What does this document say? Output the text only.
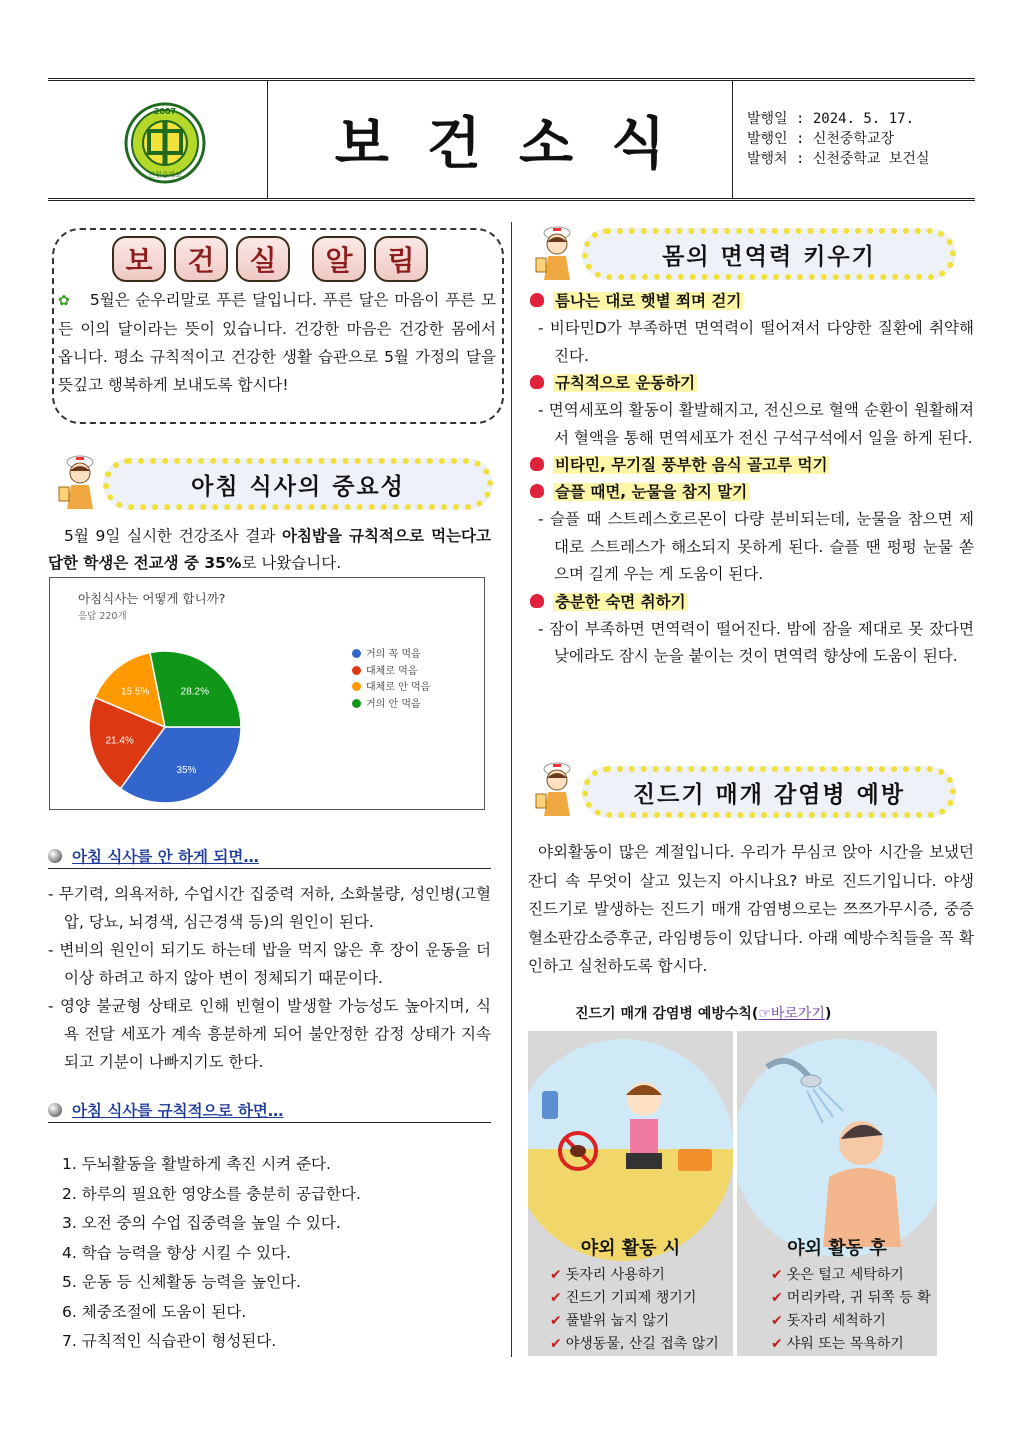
2007
신천중학교	보건소식	발행일 : 2024. 5. 17.
발행인 : 신천중학교장
발행처 : 신천중학교 보건실
보	건	실	알	림
✿ 5월은 순우리말로 푸른 달입니다. 푸른 달은 마음이 푸른 모든 이의 달이라는 뜻이 있습니다. 건강한 마음은 건강한 몸에서 옵니다. 평소 규칙적이고 건강한 생활 습관으로 5월 가정의 달을 뜻깊고 행복하게 보내도록 합시다!
아침 식사의 중요성
5월 9일 실시한 건강조사 결과 아침밥을 규칙적으로 먹는다고 답한 학생은 전교생 중 35%로 나왔습니다.
아침식사는 어떻게 합니까?
응답 220개
35%
21.4%
15.5%	28.2%
거의 꼭 먹음
대체로 먹음
대체로 안 먹음
거의 안 먹음
아침 식사를 안 하게 되면…
- 무기력, 의욕저하, 수업시간 집중력 저하, 소화불량, 성인병(고혈압, 당뇨, 뇌경색, 심근경색 등)의 원인이 된다.
- 변비의 원인이 되기도 하는데 밥을 먹지 않은 후 장이 운동을 더 이상 하려고 하지 않아 변이 정체되기 때문이다.
- 영양 불균형 상태로 인해 빈혈이 발생할 가능성도 높아지며, 식욕 전달 세포가 계속 흥분하게 되어 불안정한 감정 상태가 지속되고 기분이 나빠지기도 한다.
아침 식사를 규칙적으로 하면…
1. 두뇌활동을 활발하게 촉진 시켜 준다.
2. 하루의 필요한 영양소를 충분히 공급한다.
3. 오전 중의 수업 집중력을 높일 수 있다.
4. 학습 능력을 향상 시킬 수 있다.
5. 운동 등 신체활동 능력을 높인다.
6. 체중조절에 도움이 된다.
7. 규칙적인 식습관이 형성된다.
몸의 면역력 키우기
틈나는 대로 햇볕 쬐며 걷기
- 비타민D가 부족하면 면역력이 떨어져서 다양한 질환에 취약해진다.
규칙적으로 운동하기
- 면역세포의 활동이 활발해지고, 전신으로 혈액 순환이 원활해져서 혈액을 통해 면역세포가 전신 구석구석에서 일을 하게 된다.
비타민, 무기질 풍부한 음식 골고루 먹기
슬플 때면, 눈물을 참지 말기
- 슬플 때 스트레스호르몬이 다량 분비되는데, 눈물을 참으면 제대로 스트레스가 해소되지 못하게 된다. 슬플 땐 펑펑 눈물 쏟으며 길게 우는 게 도움이 된다.
충분한 숙면 취하기
- 잠이 부족하면 면역력이 떨어진다. 밤에 잠을 제대로 못 잤다면 낮에라도 잠시 눈을 붙이는 것이 면역력 향상에 도움이 된다.
진드기 매개 감염병 예방
야외활동이 많은 계절입니다. 우리가 무심코 앉아 시간을 보냈던 잔디 속 무엇이 살고 있는지 아시나요? 바로 진드기입니다. 야생 진드기로 발생하는 진드기 매개 감염병으로는 쯔쯔가무시증, 중증혈소판감소증후군, 라임병등이 있답니다. 아래 예방수칙들을 꼭 확인하고 실천하도록 합시다.
진드기 매개 감염병 예방수칙(☞바로가기)
야외 활동 시
✔ 돗자리 사용하기
✔ 진드기 기피제 챙기기
✔ 풀밭위 눕지 않기
✔ 야생동물, 산길 접촉 않기
야외 활동 후
✔ 옷은 털고 세탁하기
✔ 머리카락, 귀 뒤쪽 등 확
✔ 돗자리 세척하기
✔ 샤워 또는 목욕하기
